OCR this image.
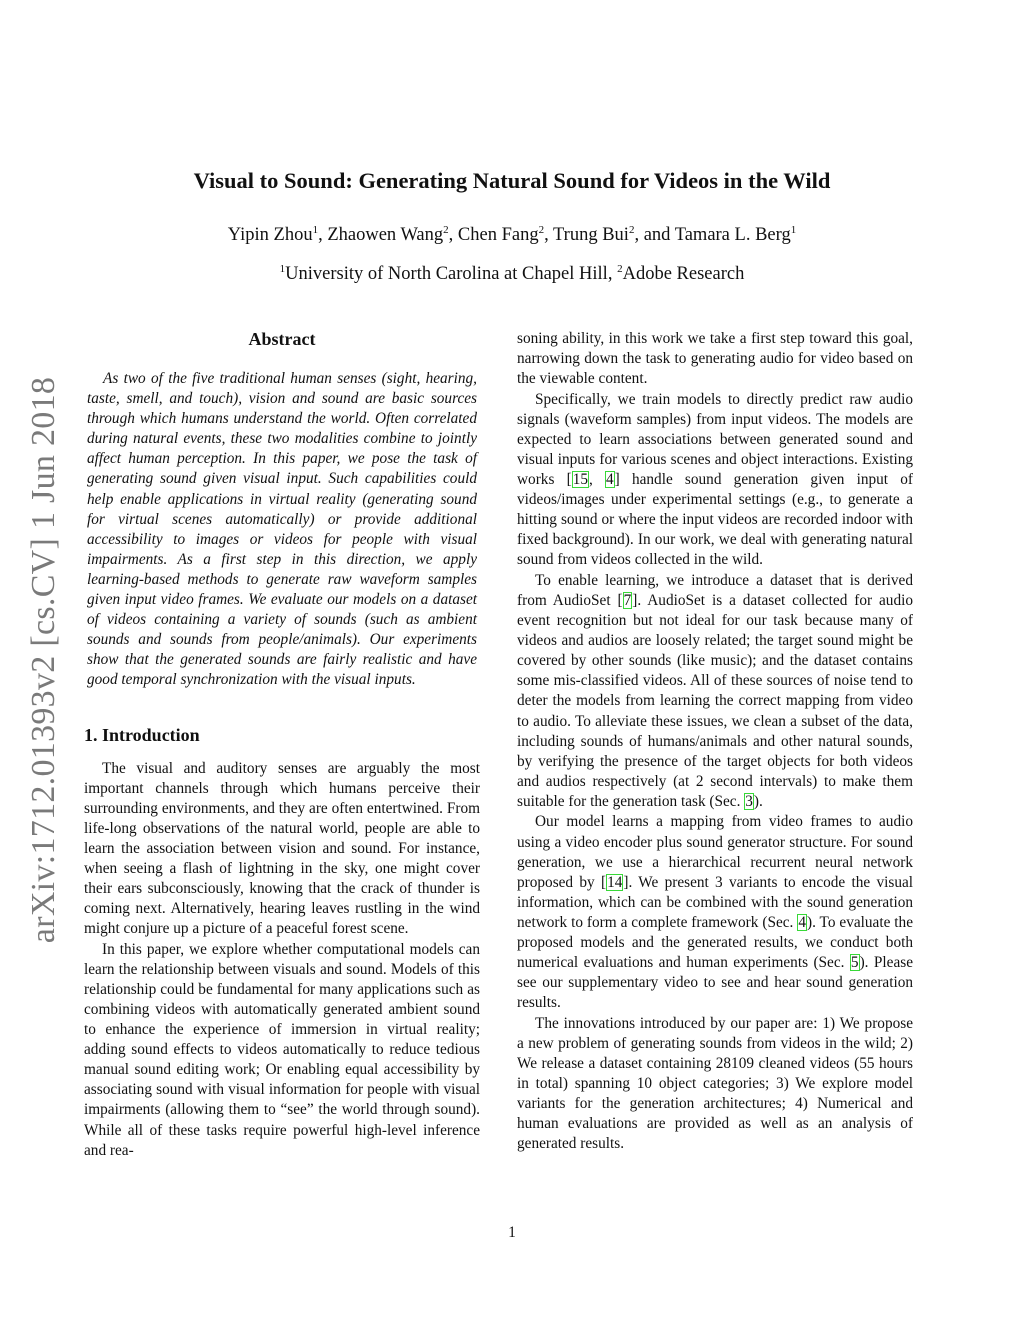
arXiv:1712.01393v2 [cs.CV] 1 Jun 2018
Visual to Sound: Generating Natural Sound for Videos in the Wild
Yipin Zhou$^1$, Zhaowen Wang$^2$, Chen Fang$^2$, Trung Bui$^2$, and Tamara L. Berg$^1$
$^1$University of North Carolina at Chapel Hill, $^2$Adobe Research
Abstract

As two of the five traditional human senses (sight, hearing, taste, smell, and touch), vision and sound are basic sources through which humans understand the world. Often correlated during natural events, these two modalities combine to jointly affect human perception. In this paper, we pose the task of generating sound given visual input. Such capabilities could help enable applications in virtual reality (generating sound for virtual scenes automatically) or provide additional accessibility to images or videos for people with visual impairments. As a first step in this direction, we apply learning-based methods to generate raw waveform samples given input video frames. We evaluate our models on a dataset of videos containing a variety of sounds (such as ambient sounds and sounds from people/animals). Our experiments show that the generated sounds are fairly realistic and have good temporal synchronization with the visual inputs.

1. Introduction

The visual and auditory senses are arguably the most important channels through which humans perceive their surrounding environments, and they are often entertwined. From life-long observations of the natural world, people are able to learn the association between vision and sound. For instance, when seeing a flash of lightning in the sky, one might cover their ears subconsciously, knowing that the crack of thunder is coming next. Alternatively, hearing leaves rustling in the wind might conjure up a picture of a peaceful forest scene.

In this paper, we explore whether computational models can learn the relationship between visuals and sound. Models of this relationship could be fundamental for many applications such as combining videos with automatically generated ambient sound to enhance the experience of immersion in virtual reality; adding sound effects to videos automatically to reduce tedious manual sound editing work; Or enabling equal accessibility by associating sound with visual information for people with visual impairments (allowing them to “see” the world through sound). While all of these tasks require powerful high-level inference and rea-

soning ability, in this work we take a first step toward this goal, narrowing down the task to generating audio for video based on the viewable content.

Specifically, we train models to directly predict raw audio signals (waveform samples) from input videos. The models are expected to learn associations between generated sound and visual inputs for various scenes and object interactions. Existing works [15, 4] handle sound generation given input of videos/images under experimental settings (e.g., to generate a hitting sound or where the input videos are recorded indoor with fixed background). In our work, we deal with generating natural sound from videos collected in the wild.

To enable learning, we introduce a dataset that is derived from AudioSet [7]. AudioSet is a dataset collected for audio event recognition but not ideal for our task because many of videos and audios are loosely related; the target sound might be covered by other sounds (like music); and the dataset contains some mis-classified videos. All of these sources of noise tend to deter the models from learning the correct mapping from video to audio. To alleviate these issues, we clean a subset of the data, including sounds of humans/animals and other natural sounds, by verifying the presence of the target objects for both videos and audios respectively (at 2 second intervals) to make them suitable for the generation task (Sec. 3).

Our model learns a mapping from video frames to audio using a video encoder plus sound generator structure. For sound generation, we use a hierarchical recurrent neural network proposed by [14]. We present 3 variants to encode the visual information, which can be combined with the sound generation network to form a complete framework (Sec. 4). To evaluate the proposed models and the generated results, we conduct both numerical evaluations and human experiments (Sec. 5). Please see our supplementary video to see and hear sound generation results.

The innovations introduced by our paper are: 1) We propose a new problem of generating sounds from videos in the wild; 2) We release a dataset containing 28109 cleaned videos (55 hours in total) spanning 10 object categories; 3) We explore model variants for the generation architectures; 4) Numerical and human evaluations are provided as well as an analysis of generated results.

1
